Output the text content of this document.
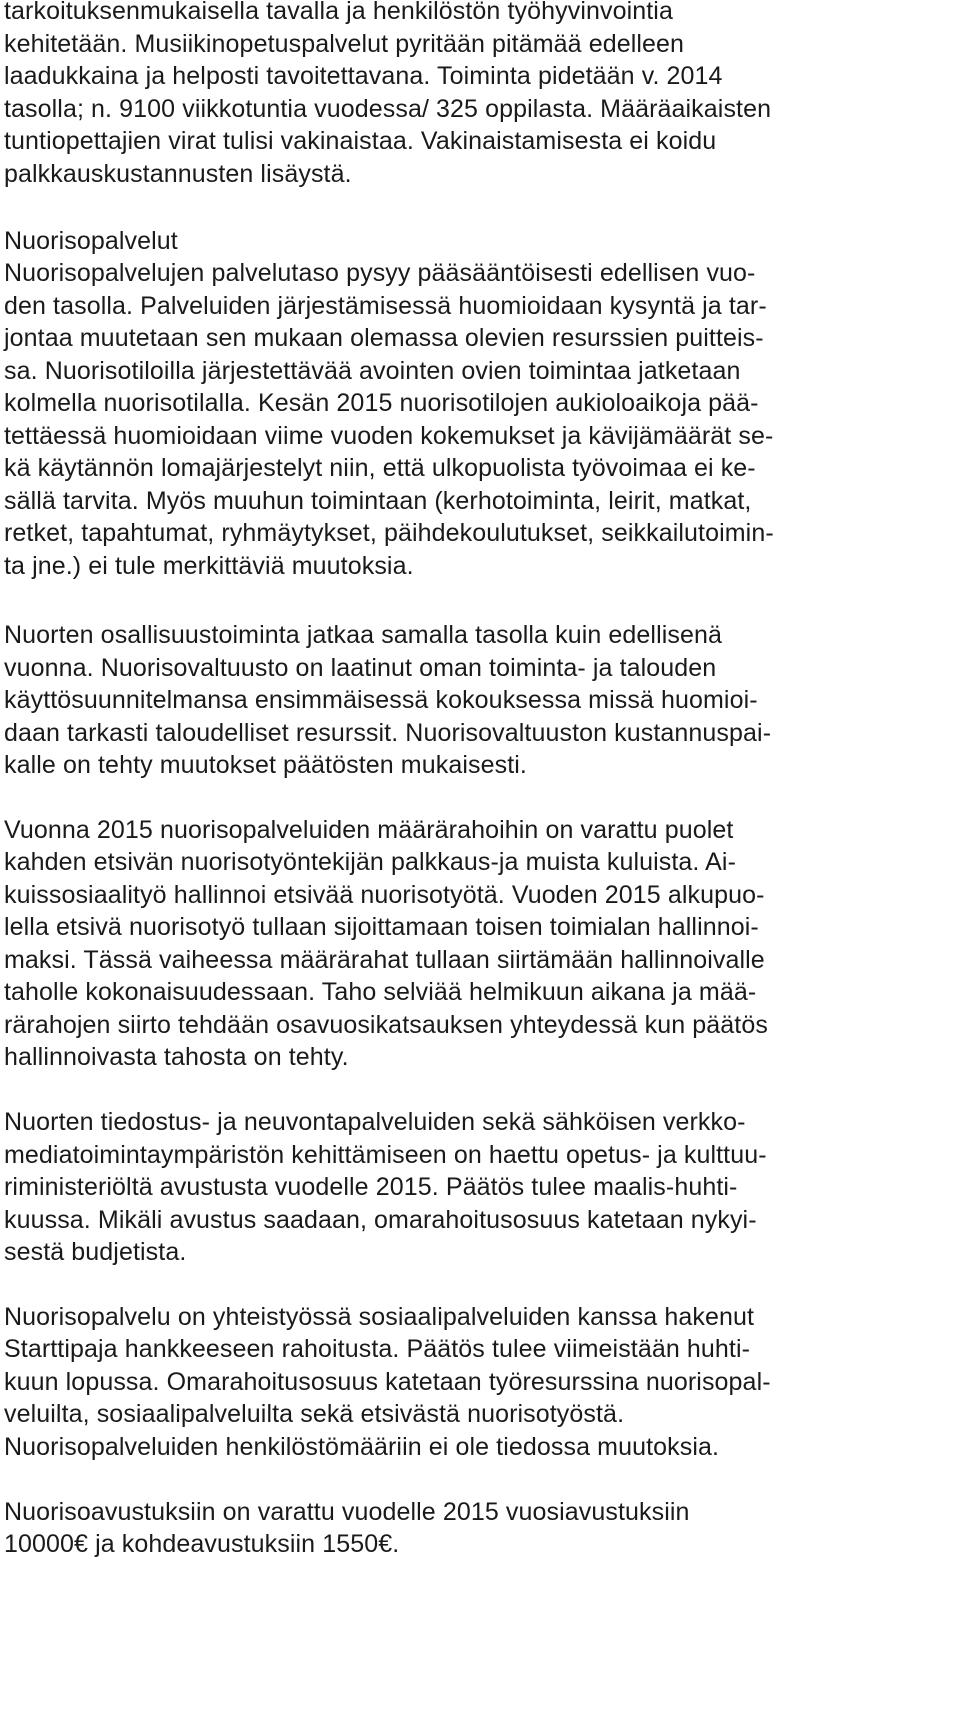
tarkoituksenmukaisella tavalla ja henkilöstön työhyvinvointia
kehitetään. Musiikinopetuspalvelut pyritään pitämää edelleen
laadukkaina ja helposti tavoitettavana. Toiminta pidetään v. 2014
tasolla; n. 9100 viikkotuntia vuodessa/ 325 oppilasta. Määräaikaisten
tuntiopettajien virat tulisi vakinaistaa. Vakinaistamisesta ei koidu
palkkauskustannusten lisäystä.
Nuorisopalvelut
Nuorisopalvelujen palvelutaso pysyy pääsääntöisesti edellisen vuo-
den tasolla. Palveluiden järjestämisessä huomioidaan kysyntä ja tar-
jontaa muutetaan sen mukaan olemassa olevien resurssien puitteis-
sa. Nuorisotiloilla järjestettävää avointen ovien toimintaa jatketaan
kolmella nuorisotilalla. Kesän 2015 nuorisotilojen aukioloaikoja pää-
tettäessä huomioidaan viime vuoden kokemukset ja kävijämäärät se-
kä käytännön lomajärjestelyt niin, että ulkopuolista työvoimaa ei ke-
sällä tarvita. Myös muuhun toimintaan (kerhotoiminta, leirit, matkat,
retket, tapahtumat, ryhmäytykset, päihdekoulutukset, seikkailutoimin-
ta jne.) ei tule merkittäviä muutoksia.
Nuorten osallisuustoiminta jatkaa samalla tasolla kuin edellisenä
vuonna. Nuorisovaltuusto on laatinut oman toiminta- ja talouden
käyttösuunnitelmansa ensimmäisessä kokouksessa missä huomioi-
daan tarkasti taloudelliset resurssit. Nuorisovaltuuston kustannuspai-
kalle on tehty muutokset päätösten mukaisesti.
Vuonna 2015 nuorisopalveluiden määrärahoihin on varattu puolet
kahden etsivän nuorisotyöntekijän palkkaus-ja muista kuluista. Ai-
kuissosiaalityö hallinnoi etsivää nuorisotyötä. Vuoden 2015 alkupuo-
lella etsivä nuorisotyö tullaan sijoittamaan toisen toimialan hallinnoi-
maksi. Tässä vaiheessa määrärahat tullaan siirtämään hallinnoivalle
taholle kokonaisuudessaan. Taho selviää helmikuun aikana ja mää-
rärahojen siirto tehdään osavuosikatsauksen yhteydessä kun päätös
hallinnoivasta tahosta on tehty.
Nuorten tiedostus- ja neuvontapalveluiden sekä sähköisen verkko-
mediatoimintaympäristön kehittämiseen on haettu opetus- ja kulttuu-
riministeriöltä avustusta vuodelle 2015. Päätös tulee maalis-huhti-
kuussa. Mikäli avustus saadaan, omarahoitusosuus katetaan nykyi-
sestä budjetista.
Nuorisopalvelu on yhteistyössä sosiaalipalveluiden kanssa hakenut
Starttipaja hankkeeseen rahoitusta. Päätös tulee viimeistään huhti-
kuun lopussa. Omarahoitusosuus katetaan työresurssina nuorisopal-
veluilta, sosiaalipalveluilta sekä etsivästä nuorisotyöstä.
Nuorisopalveluiden henkilöstömääriin ei ole tiedossa muutoksia.
Nuorisoavustuksiin on varattu vuodelle 2015 vuosiavustuksiin
10000€ ja kohdeavustuksiin 1550€.
